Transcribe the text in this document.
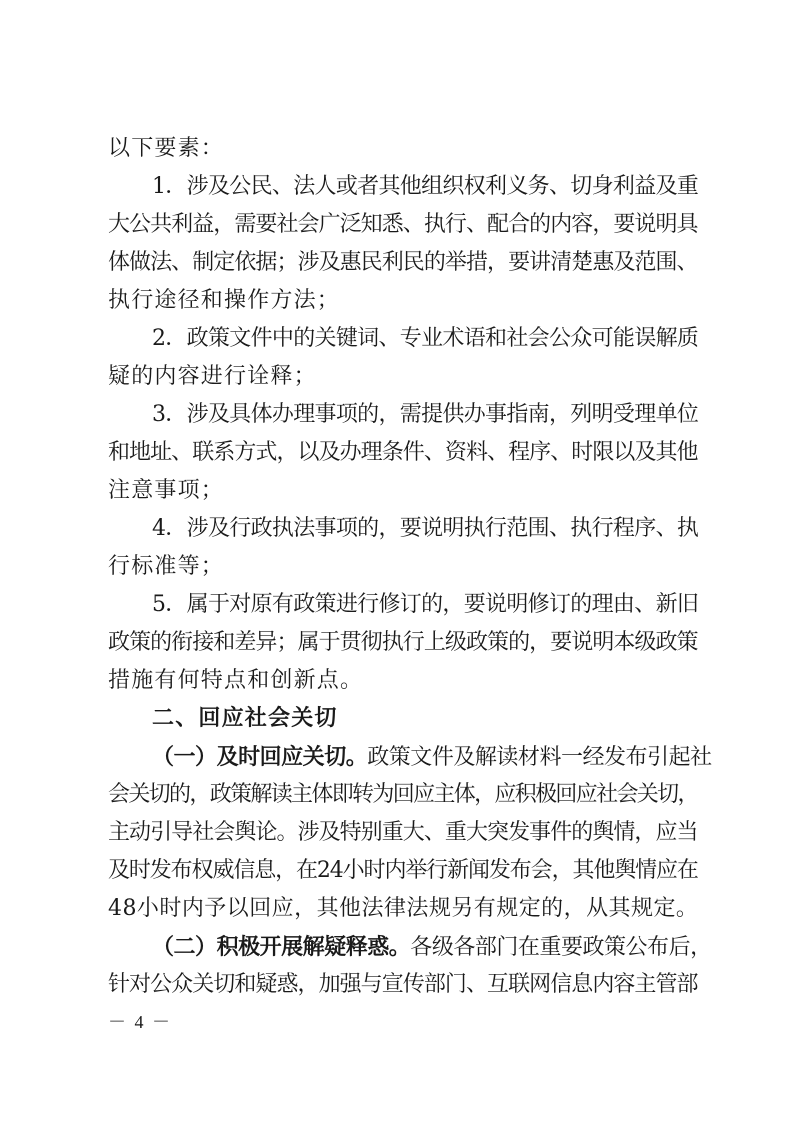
以下要素：
1．涉及公民、法人或者其他组织权利义务、切身利益及重
大公共利益，需要社会广泛知悉、执行、配合的内容，要说明具
体做法、制定依据；涉及惠民利民的举措，要讲清楚惠及范围、
执行途径和操作方法；
2．政策文件中的关键词、专业术语和社会公众可能误解质
疑的内容进行诠释；
3．涉及具体办理事项的，需提供办事指南，列明受理单位
和地址、联系方式，以及办理条件、资料、程序、时限以及其他
注意事项；
4．涉及行政执法事项的，要说明执行范围、执行程序、执
行标准等；
5．属于对原有政策进行修订的，要说明修订的理由、新旧
政策的衔接和差异；属于贯彻执行上级政策的，要说明本级政策
措施有何特点和创新点。
二、回应社会关切
（一）及时回应关切。政策文件及解读材料一经发布引起社
会关切的，政策解读主体即转为回应主体，应积极回应社会关切，
主动引导社会舆论。涉及特别重大、重大突发事件的舆情，应当
及时发布权威信息，在24小时内举行新闻发布会，其他舆情应在
48小时内予以回应，其他法律法规另有规定的，从其规定。
（二）积极开展解疑释惑。各级各部门在重要政策公布后，
针对公众关切和疑惑，加强与宣传部门、互联网信息内容主管部
－ 4 －
